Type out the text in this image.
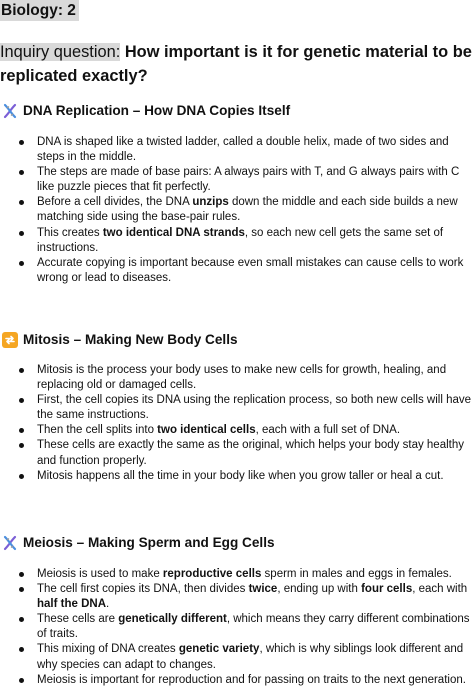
Biology: 2
Inquiry question: How important is it for genetic material to be replicated exactly?
DNA Replication – How DNA Copies Itself
DNA is shaped like a twisted ladder, called a double helix, made of two sides and steps in the middle.
The steps are made of base pairs: A always pairs with T, and G always pairs with C like puzzle pieces that fit perfectly.
Before a cell divides, the DNA unzips down the middle and each side builds a new matching side using the base-pair rules.
This creates two identical DNA strands, so each new cell gets the same set of instructions.
Accurate copying is important because even small mistakes can cause cells to work wrong or lead to diseases.
Mitosis – Making New Body Cells
Mitosis is the process your body uses to make new cells for growth, healing, and replacing old or damaged cells.
First, the cell copies its DNA using the replication process, so both new cells will have the same instructions.
Then the cell splits into two identical cells, each with a full set of DNA.
These cells are exactly the same as the original, which helps your body stay healthy and function properly.
Mitosis happens all the time in your body like when you grow taller or heal a cut.
Meiosis – Making Sperm and Egg Cells
Meiosis is used to make reproductive cells sperm in males and eggs in females.
The cell first copies its DNA, then divides twice, ending up with four cells, each with half the DNA.
These cells are genetically different, which means they carry different combinations of traits.
This mixing of DNA creates genetic variety, which is why siblings look different and why species can adapt to changes.
Meiosis is important for reproduction and for passing on traits to the next generation.
